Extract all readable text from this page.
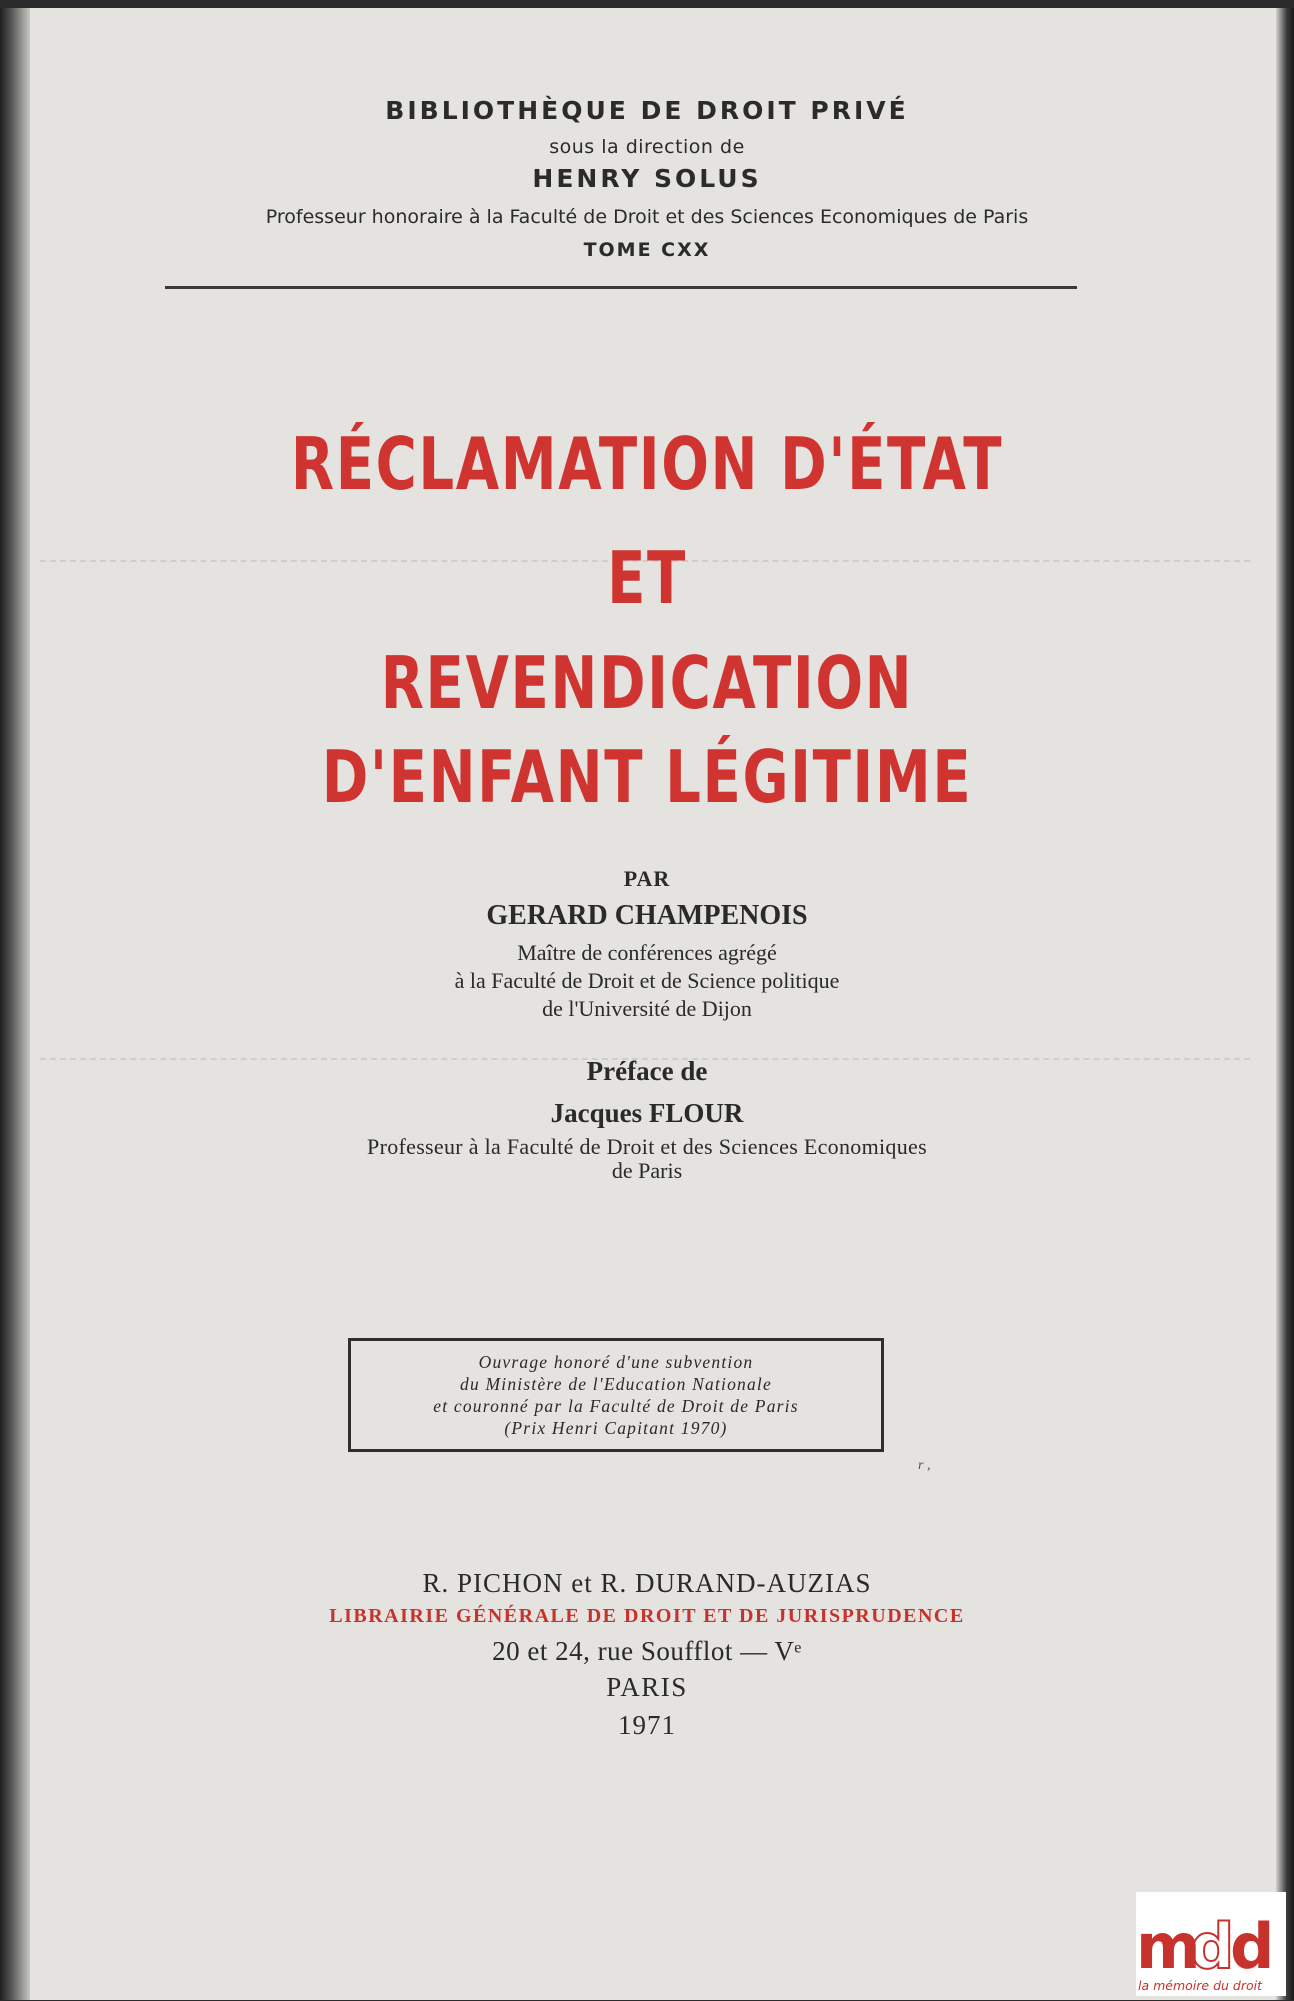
BIBLIOTHÈQUE DE DROIT PRIVÉ
sous la direction de
HENRY SOLUS
Professeur honoraire à la Faculté de Droit et des Sciences Economiques de Paris
TOME CXX
RÉCLAMATION D'ÉTAT
ET
REVENDICATION
D'ENFANT LÉGITIME
PAR
GERARD CHAMPENOIS
Maître de conférences agrégé
à la Faculté de Droit et de Science politique
de l'Université de Dijon
Préface de
Jacques FLOUR
Professeur à la Faculté de Droit et des Sciences Economiques
de Paris
Ouvrage honoré d'une subvention
du Ministère de l'Education Nationale
et couronné par la Faculté de Droit de Paris
(Prix Henri Capitant 1970)
r ,
R. PICHON et R. DURAND-AUZIAS
LIBRAIRIE GÉNÉRALE DE DROIT ET DE JURISPRUDENCE
20 et 24, rue Soufflot — Vᵉ
PARIS
1971
m
d
d
la mémoire du droit
